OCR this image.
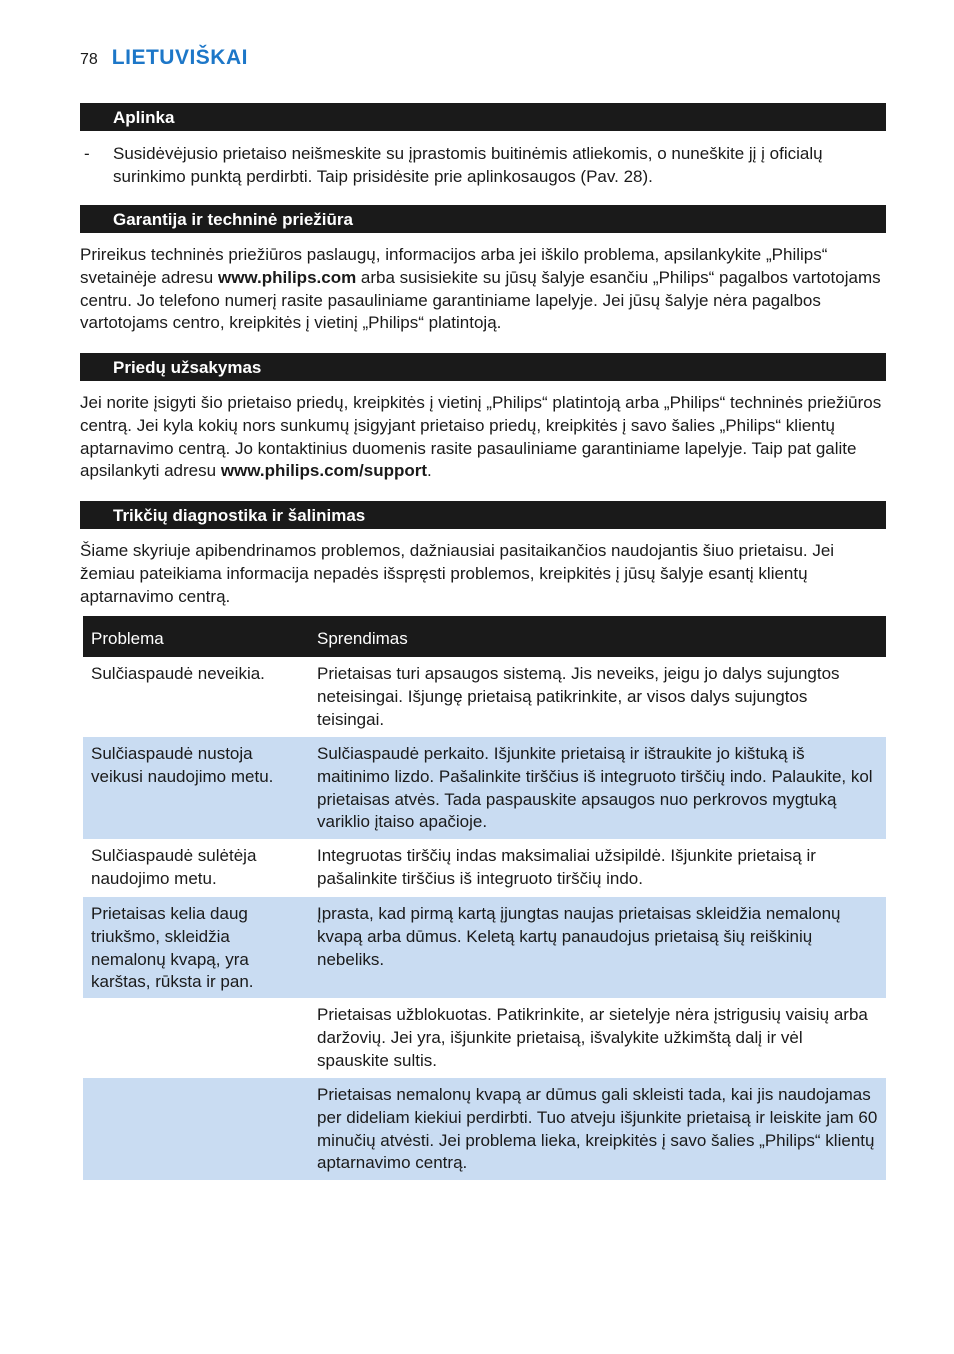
78 LIETUVIŠKAI
Aplinka
- Susidėvėjusio prietaiso neišmeskite su įprastomis buitinėmis atliekomis, o nuneškite jį į oficialų surinkimo punktą perdirbti. Taip prisidėsite prie aplinkosaugos (Pav. 28).
Garantija ir techninė priežiūra
Prireikus techninės priežiūros paslaugų, informacijos arba jei iškilo problema, apsilankykite „Philips“ svetainėje adresu www.philips.com arba susisiekite su jūsų šalyje esančiu „Philips“ pagalbos vartotojams centru. Jo telefono numerį rasite pasauliniame garantiniame lapelyje. Jei jūsų šalyje nėra pagalbos vartotojams centro, kreipkitės į vietinį „Philips“ platintoją.
Priedų užsakymas
Jei norite įsigyti šio prietaiso priedų, kreipkitės į vietinį „Philips“ platintoją arba „Philips“ techninės priežiūros centrą. Jei kyla kokių nors sunkumų įsigyjant prietaiso priedų, kreipkitės į savo šalies „Philips“ klientų aptarnavimo centrą. Jo kontaktinius duomenis rasite pasauliniame garantiniame lapelyje. Taip pat galite apsilankyti adresu www.philips.com/support.
Trikčių diagnostika ir šalinimas
Šiame skyriuje apibendrinamos problemos, dažniausiai pasitaikančios naudojantis šiuo prietaisu. Jei žemiau pateikiama informacija nepadės išspręsti problemos, kreipkitės į jūsų šalyje esantį klientų aptarnavimo centrą.
Problema	Sprendimas
Sulčiaspaudė neveikia.	Prietaisas turi apsaugos sistemą. Jis neveiks, jeigu jo dalys sujungtos neteisingai. Išjungę prietaisą patikrinkite, ar visos dalys sujungtos teisingai.
Sulčiaspaudė nustoja veikusi naudojimo metu.
Sulčiaspaudė perkaito. Išjunkite prietaisą ir ištraukite jo kištuką iš maitinimo lizdo. Pašalinkite tirščius iš integruoto tirščių indo. Palaukite, kol prietaisas atvės. Tada paspauskite apsaugos nuo perkrovos mygtuką variklio įtaiso apačioje.
Sulčiaspaudė sulėtėja naudojimo metu.
Integruotas tirščių indas maksimaliai užsipildė. Išjunkite prietaisą ir pašalinkite tirščius iš integruoto tirščių indo.
Prietaisas kelia daug triukšmo, skleidžia nemalonų kvapą, yra karštas, rūksta ir pan.
Įprasta, kad pirmą kartą įjungtas naujas prietaisas skleidžia nemalonų kvapą arba dūmus. Keletą kartų panaudojus prietaisą šių reiškinių nebeliks.
Prietaisas užblokuotas. Patikrinkite, ar sietelyje nėra įstrigusių vaisių arba daržovių. Jei yra, išjunkite prietaisą, išvalykite užkimštą dalį ir vėl spauskite sultis.
Prietaisas nemalonų kvapą ar dūmus gali skleisti tada, kai jis naudojamas per dideliam kiekiui perdirbti. Tuo atveju išjunkite prietaisą ir leiskite jam 60 minučių atvėsti. Jei problema lieka, kreipkitės į savo šalies „Philips“ klientų aptarnavimo centrą.
